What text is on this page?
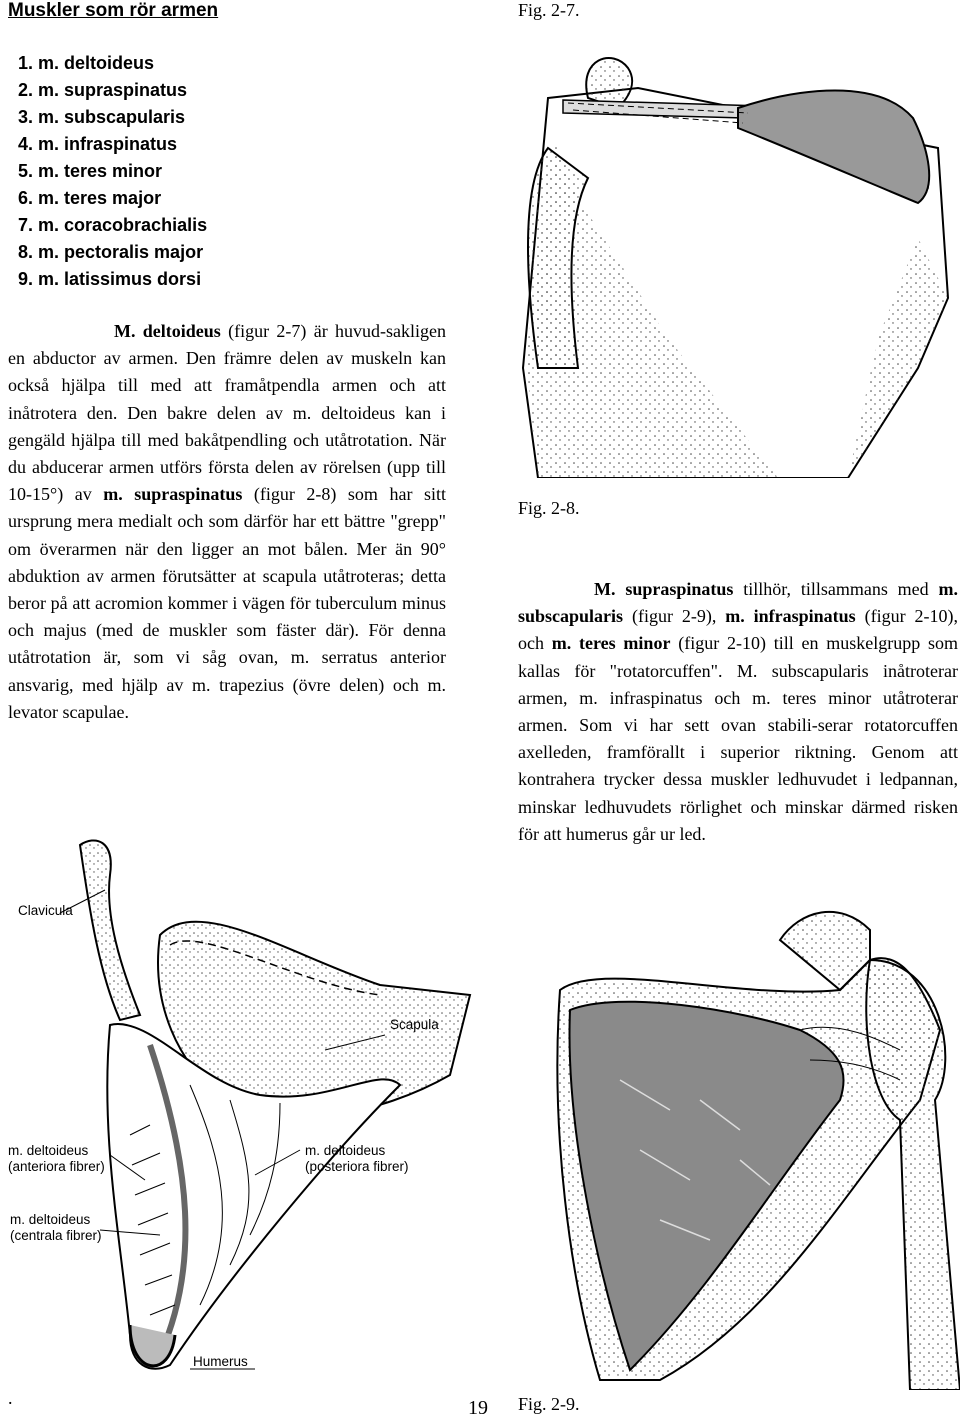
Muskler som rör armen
1. m. deltoideus
2. m. supraspinatus
3. m. subscapularis
4. m. infraspinatus
5. m. teres minor
6. m. teres major
7. m. coracobrachialis
8. m. pectoralis major
9. m. latissimus dorsi

M. deltoideus (figur 2-7) är huvud-sakligen en abductor av armen. Den främre delen av muskeln kan också hjälpa till med att framåtpendla armen och att inåtrotera den. Den bakre delen av m. deltoideus kan i gengäld hjälpa till med bakåtpendling och utåtrotation. När du abducerar armen utförs första delen av rörelsen (upp till 10-15°) av m. supraspinatus (figur 2-8) som har sitt ursprung mera medialt och som därför har ett bättre "grepp" om överarmen när den ligger an mot bålen. Mer än 90° abduktion av armen förutsätter at scapula utåtroteras; detta beror på att acromion kommer i vägen för tuberculum minus och majus (med de muskler som fäster där). För denna utåtrotation är, som vi såg ovan, m. serratus anterior ansvarig, med hjälp av m. trapezius (övre delen) och m. levator scapulae.

M. supraspinatus tillhör, tillsammans med m. subscapularis (figur 2-9), m. infraspinatus (figur 2-10), och m. teres minor (figur 2-10) till en muskelgrupp som kallas för "rotatorcuffen". M. subscapularis inåtroterar armen, m. infraspinatus och m. teres minor utåtroterar armen. Som vi har sett ovan stabili-serar rotatorcuffen axelleden, framförallt i superior riktning. Genom att kontrahera trycker dessa muskler ledhuvudet i ledpannan, minskar ledhuvudets rörlighet och minskar därmed risken för att humerus går ur led.

Fig. 2-7.
Fig. 2-8.
Fig. 2-9.
.	19
Clavicula
Scapula
m. deltoideus
(anteriora fibrer)
m. deltoideus
(posteriora fibrer)
m. deltoideus
(centrala fibrer)
Humerus
